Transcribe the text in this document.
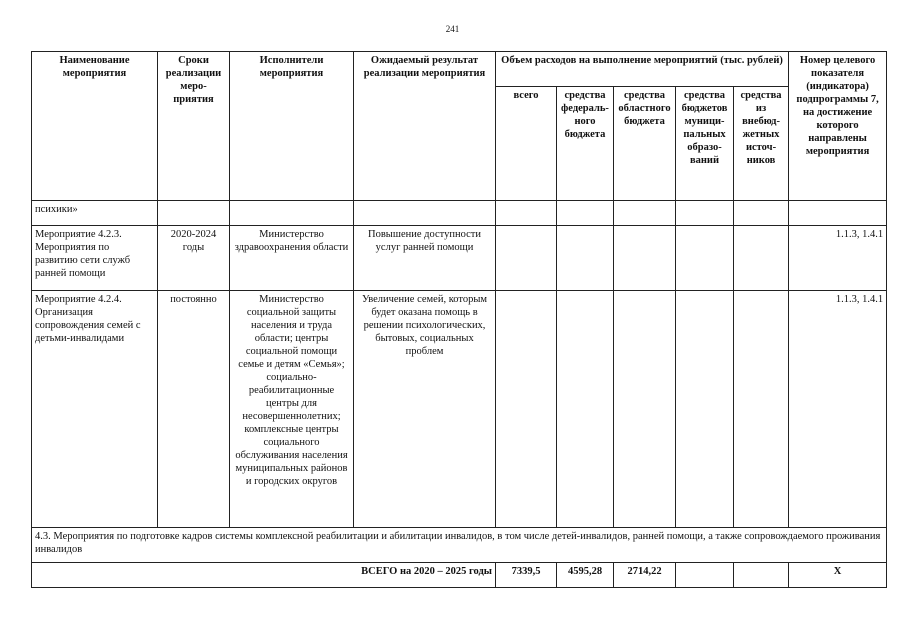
241
Наименование мероприятия	Сроки реализации меро-приятия	Исполнители мероприятия	Ожидаемый результат реализации мероприятия	Объем расходов на выполнение мероприятий (тыс. рублей)					Номер целевого показателя (индикатора) подпрограммы 7, на достижение которого направлены мероприятия
				всего	средства федераль-ного бюджета	средства областного бюджета	средства бюджетов муници-пальных образо-ваний	средства из внебюд-жетных источ-ников	
психики»									
Мероприятие 4.2.3. Мероприятия по развитию сети служб ранней помощи	2020-2024 годы	Министерство здравоохранения области	Повышение доступности услуг ранней помощи						1.1.3, 1.4.1
Мероприятие 4.2.4. Организация сопровождения семей с детьми-инвалидами	постоянно	Министерство социальной защиты населения и труда области; центры социальной помощи семье и детям «Семья»; социально-реабилитационные центры для несовершеннолетних; комплексные центры социального обслуживания населения муниципальных районов и городских округов	Увеличение семей, которым будет оказана помощь в решении психологических, бытовых, социальных проблем						1.1.3, 1.4.1
4.3. Мероприятия по подготовке кадров системы комплексной реабилитации и абилитации инвалидов, в том числе детей-инвалидов, ранней помощи, а также сопровождаемого проживания инвалидов									
ВСЕГО на 2020 – 2025 годы				7339,5	4595,28	2714,22			X
